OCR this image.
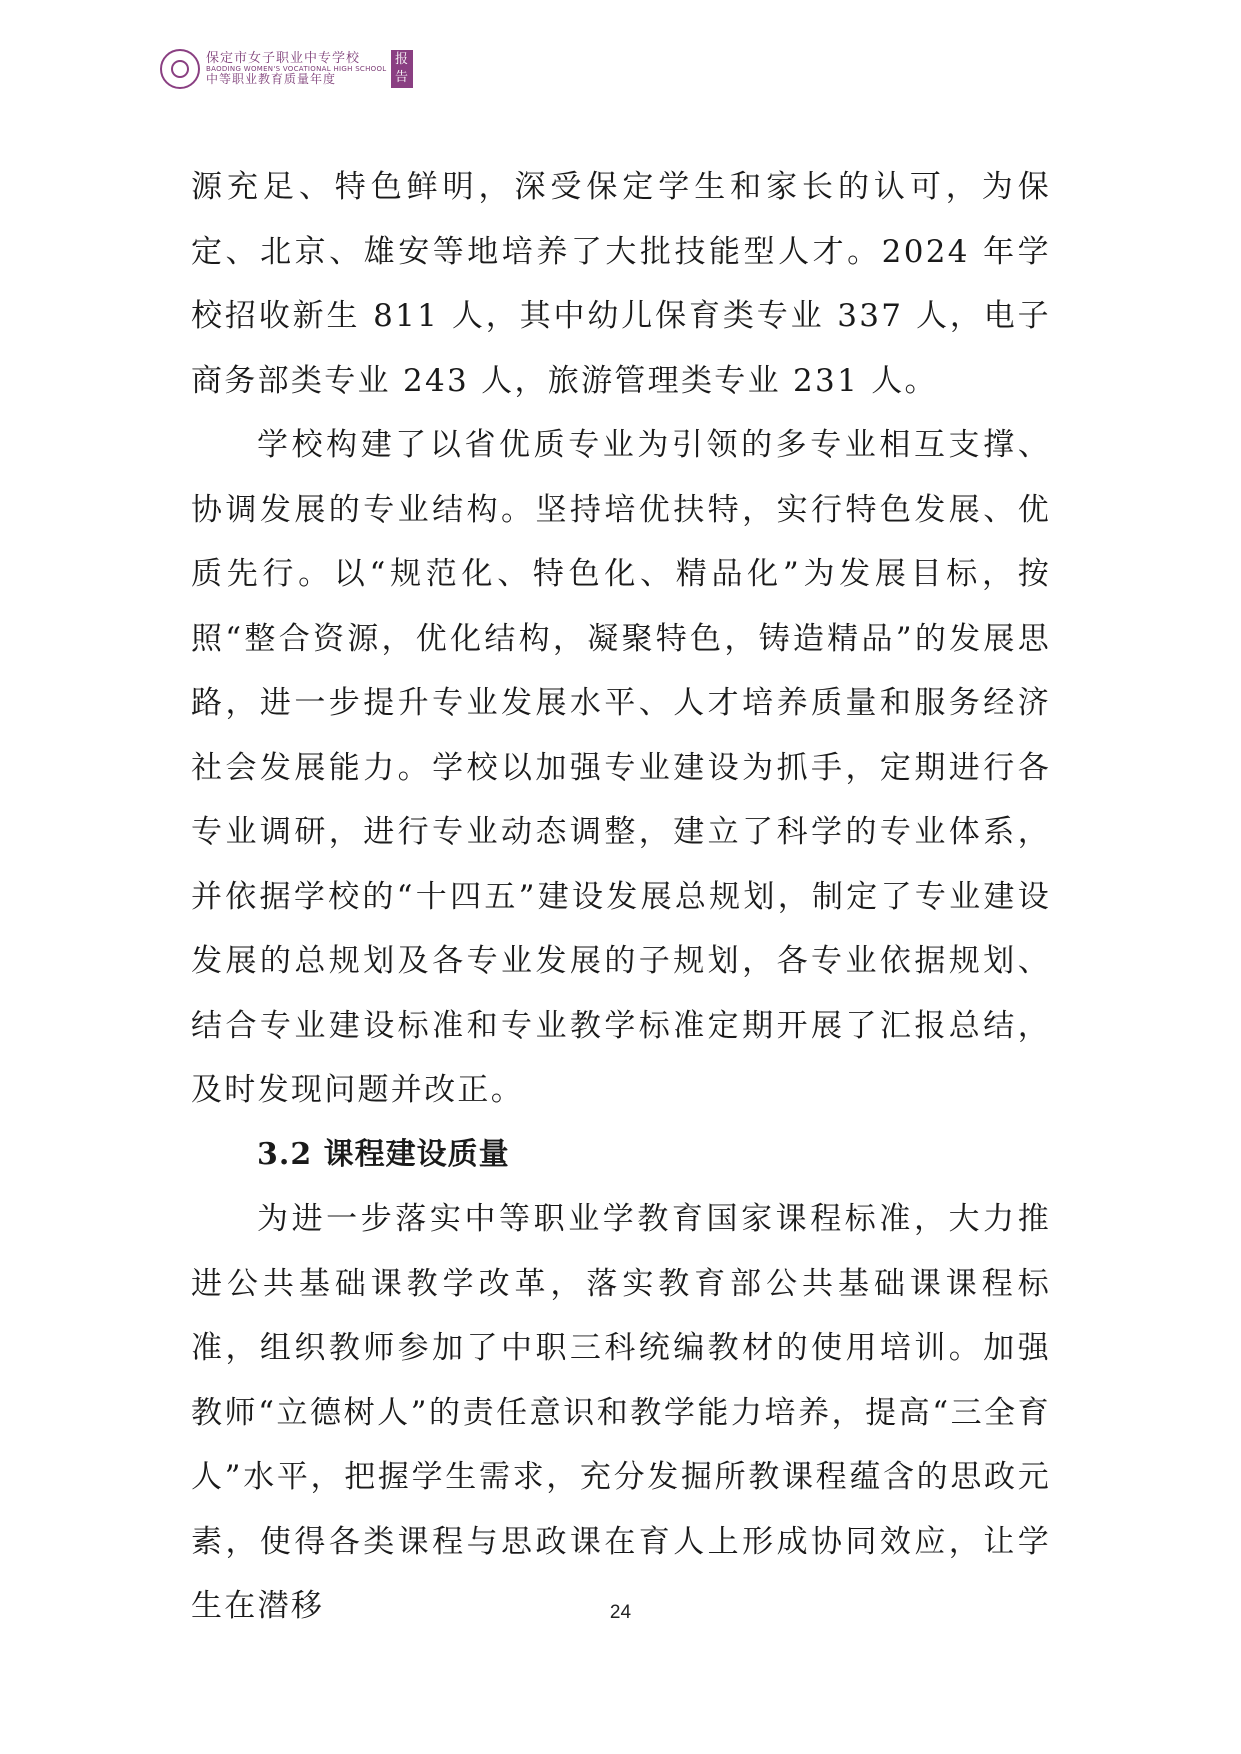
保定市女子职业中专学校
BAODING WOMEN'S VOCATIONAL HIGH SCHOOL
中等职业教育质量年度
报
告

源充足、特色鲜明，深受保定学生和家长的认可，为保定、北京、雄安等地培养了大批技能型人才。2024 年学校招收新生 811 人，其中幼儿保育类专业 337 人，电子商务部类专业 243 人，旅游管理类专业 231 人。

学校构建了以省优质专业为引领的多专业相互支撑、协调发展的专业结构。坚持培优扶特，实行特色发展、优质先行。以“规范化、特色化、精品化”为发展目标，按照“整合资源，优化结构，凝聚特色，铸造精品”的发展思路，进一步提升专业发展水平、人才培养质量和服务经济社会发展能力。学校以加强专业建设为抓手，定期进行各专业调研，进行专业动态调整，建立了科学的专业体系，并依据学校的“十四五”建设发展总规划，制定了专业建设发展的总规划及各专业发展的子规划，各专业依据规划、结合专业建设标准和专业教学标准定期开展了汇报总结，及时发现问题并改正。

3.2 课程建设质量

为进一步落实中等职业学教育国家课程标准，大力推进公共基础课教学改革，落实教育部公共基础课课程标准，组织教师参加了中职三科统编教材的使用培训。加强教师“立德树人”的责任意识和教学能力培养，提高“三全育人”水平，把握学生需求，充分发掘所教课程蕴含的思政元素，使得各类课程与思政课在育人上形成协同效应，让学生在潜移	24
